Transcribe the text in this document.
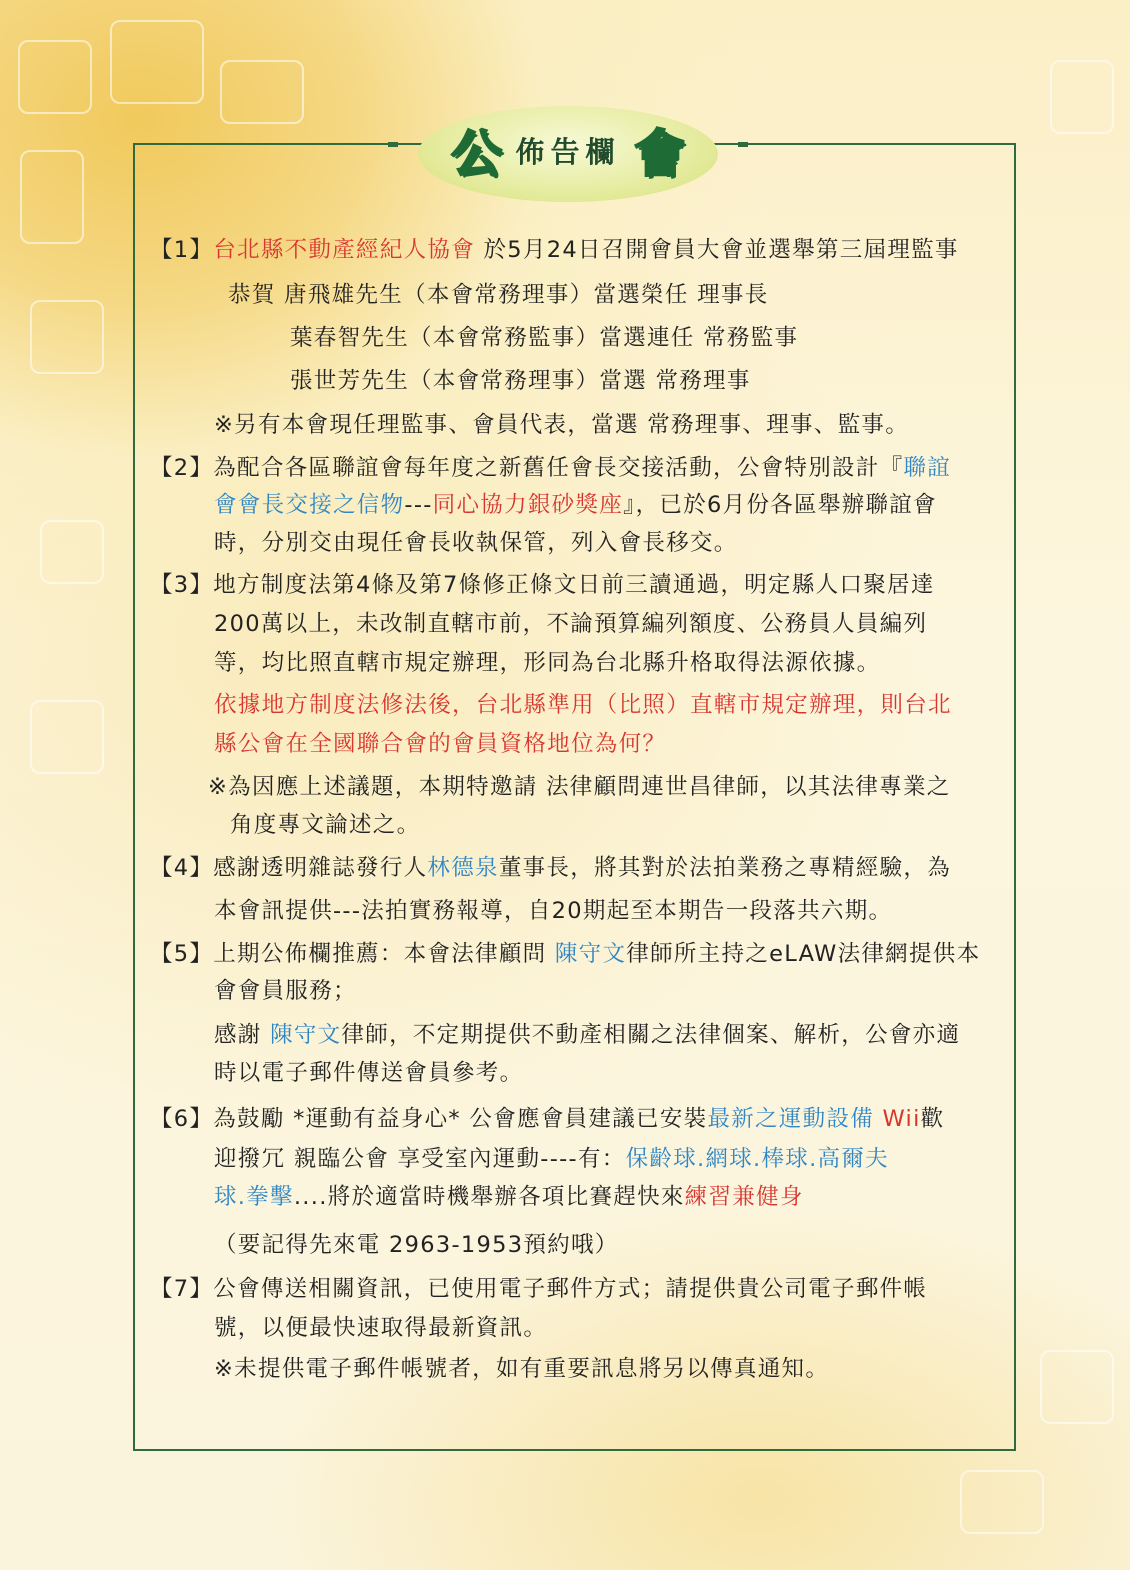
公 佈告欄 會
【1】台北縣不動產經紀人協會 於5月24日召開會員大會並選舉第三屆理監事
恭賀 唐飛雄先生（本會常務理事）當選榮任 理事長
葉春智先生（本會常務監事）當選連任 常務監事
張世芳先生（本會常務理事）當選 常務理事
※另有本會現任理監事、會員代表，當選 常務理事、理事、監事。
【2】為配合各區聯誼會每年度之新舊任會長交接活動，公會特別設計『聯誼
會會長交接之信物---同心協力銀砂獎座』，已於6月份各區舉辦聯誼會
時，分別交由現任會長收執保管，列入會長移交。
【3】地方制度法第4條及第7條修正條文日前三讀通過，明定縣人口聚居達
200萬以上，未改制直轄市前，不論預算編列額度、公務員人員編列
等，均比照直轄市規定辦理，形同為台北縣升格取得法源依據。
依據地方制度法修法後，台北縣準用（比照）直轄市規定辦理，則台北
縣公會在全國聯合會的會員資格地位為何？
※為因應上述議題，本期特邀請 法律顧問連世昌律師，以其法律專業之
角度專文論述之。
【4】感謝透明雜誌發行人林德泉董事長，將其對於法拍業務之專精經驗，為
本會訊提供---法拍實務報導，自20期起至本期告一段落共六期。
【5】上期公佈欄推薦：本會法律顧問 陳守文律師所主持之eLAW法律網提供本
會會員服務；
感謝 陳守文律師，不定期提供不動產相關之法律個案、解析，公會亦適
時以電子郵件傳送會員參考。
【6】為鼓勵 *運動有益身心* 公會應會員建議已安裝最新之運動設備 Wii歡
迎撥冗 親臨公會 享受室內運動----有：保齡球.網球.棒球.高爾夫
球.拳擊....將於適當時機舉辦各項比賽趕快來練習兼健身
（要記得先來電 2963-1953預約哦）
【7】公會傳送相關資訊，已使用電子郵件方式；請提供貴公司電子郵件帳
號，以便最快速取得最新資訊。
※未提供電子郵件帳號者，如有重要訊息將另以傳真通知。
